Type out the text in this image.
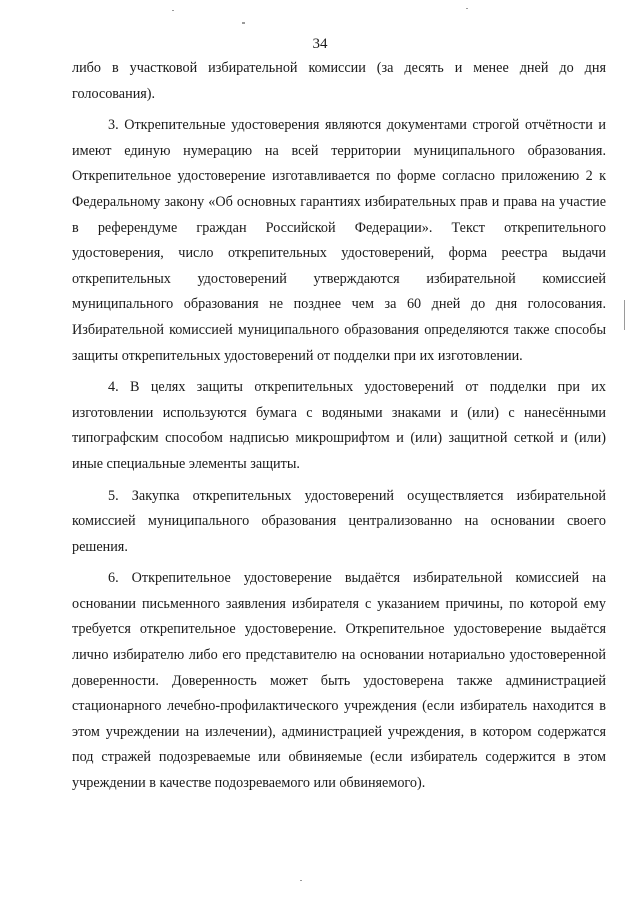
34

либо в участковой избирательной комиссии (за десять и менее дней до дня голосования).

3. Открепительные удостоверения являются документами строгой отчётности и имеют единую нумерацию на всей территории муниципального образования. Открепительное удостоверение изготавливается по форме согласно приложению 2 к Федеральному закону «Об основных гарантиях избирательных прав и права на участие в референдуме граждан Российской Федерации». Текст открепительного удостоверения, число открепительных удостоверений, форма реестра выдачи открепительных удостоверений утверждаются избирательной комиссией муниципального образования не позднее чем за 60 дней до дня голосования. Избирательной комиссией муниципального образования определяются также способы защиты открепительных удостоверений от подделки при их изготовлении.

4. В целях защиты открепительных удостоверений от подделки при их изготовлении используются бумага с водяными знаками и (или) с нанесёнными типографским способом надписью микрошрифтом и (или) защитной сеткой и (или) иные специальные элементы защиты.

5. Закупка открепительных удостоверений осуществляется избирательной комиссией муниципального образования централизованно на основании своего решения.

6. Открепительное удостоверение выдаётся избирательной комиссией на основании письменного заявления избирателя с указанием причины, по которой ему требуется открепительное удостоверение. Открепительное удостоверение выдаётся лично избирателю либо его представителю на основании нотариально удостоверенной доверенности. Доверенность может быть удостоверена также администрацией стационарного лечебно-профилактического учреждения (если избиратель находится в этом учреждении на излечении), администрацией учреждения, в котором содержатся под стражей подозреваемые или обвиняемые (если избиратель содержится в этом учреждении в качестве подозреваемого или обвиняемого).
